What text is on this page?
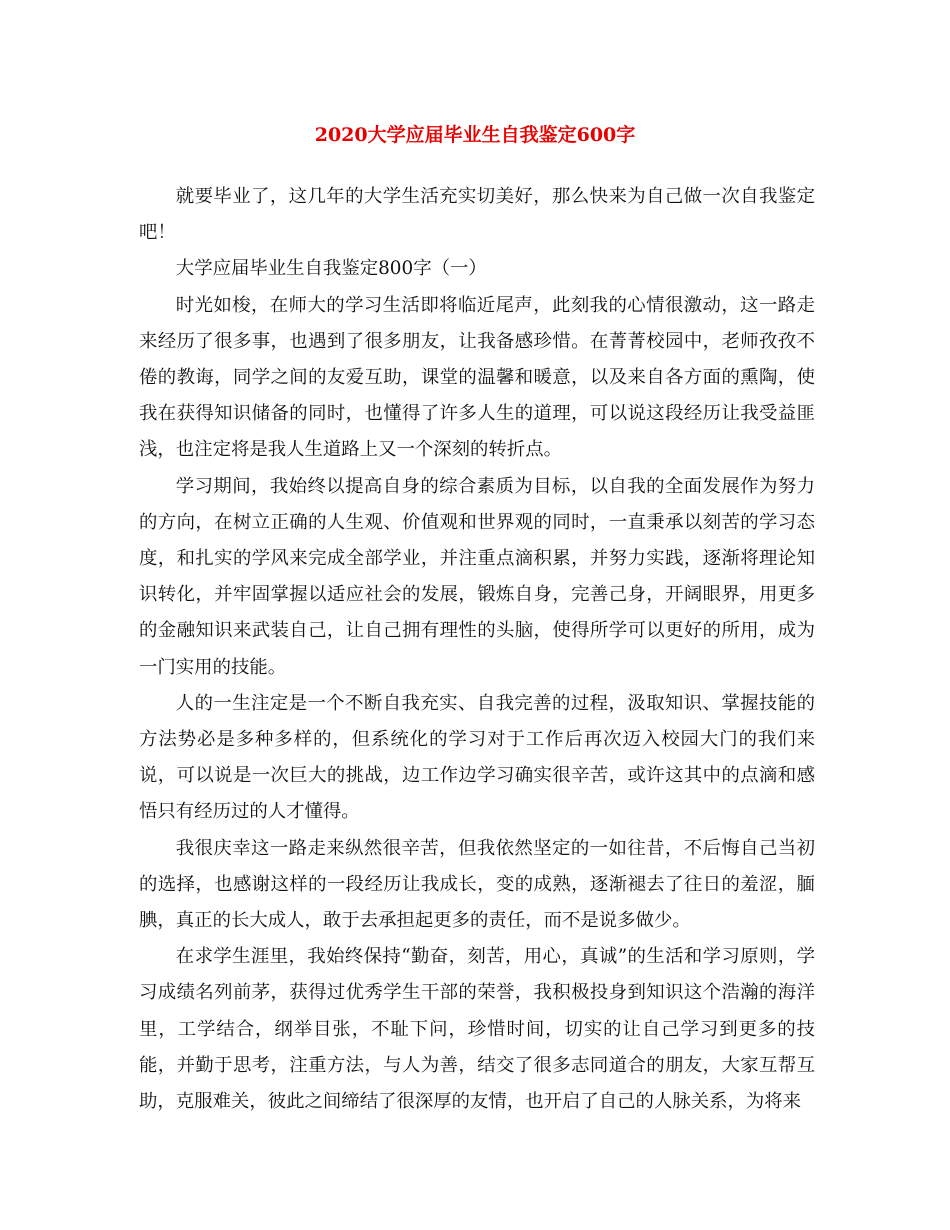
2020大学应届毕业生自我鉴定600字

就要毕业了，这几年的大学生活充实切美好，那么快来为自己做一次自我鉴定吧！

大学应届毕业生自我鉴定800字（一）

时光如梭，在师大的学习生活即将临近尾声，此刻我的心情很激动，这一路走来经历了很多事，也遇到了很多朋友，让我备感珍惜。在菁菁校园中，老师孜孜不倦的教诲，同学之间的友爱互助，课堂的温馨和暖意，以及来自各方面的熏陶，使我在获得知识储备的同时，也懂得了许多人生的道理，可以说这段经历让我受益匪浅，也注定将是我人生道路上又一个深刻的转折点。

学习期间，我始终以提高自身的综合素质为目标，以自我的全面发展作为努力的方向，在树立正确的人生观、价值观和世界观的同时，一直秉承以刻苦的学习态度，和扎实的学风来完成全部学业，并注重点滴积累，并努力实践，逐渐将理论知识转化，并牢固掌握以适应社会的发展，锻炼自身，完善己身，开阔眼界，用更多的金融知识来武装自己，让自己拥有理性的头脑，使得所学可以更好的所用，成为一门实用的技能。

人的一生注定是一个不断自我充实、自我完善的过程，汲取知识、掌握技能的方法势必是多种多样的，但系统化的学习对于工作后再次迈入校园大门的我们来说，可以说是一次巨大的挑战，边工作边学习确实很辛苦，或许这其中的点滴和感悟只有经历过的人才懂得。

我很庆幸这一路走来纵然很辛苦，但我依然坚定的一如往昔，不后悔自己当初的选择，也感谢这样的一段经历让我成长，变的成熟，逐渐褪去了往日的羞涩，腼腆，真正的长大成人，敢于去承担起更多的责任，而不是说多做少。

在求学生涯里，我始终保持“勤奋，刻苦，用心，真诚”的生活和学习原则，学习成绩名列前茅，获得过优秀学生干部的荣誉，我积极投身到知识这个浩瀚的海洋里，工学结合，纲举目张，不耻下问，珍惜时间，切实的让自己学习到更多的技能，并勤于思考，注重方法，与人为善，结交了很多志同道合的朋友，大家互帮互助，克服难关，彼此之间缔结了很深厚的友情，也开启了自己的人脉关系，为将来
